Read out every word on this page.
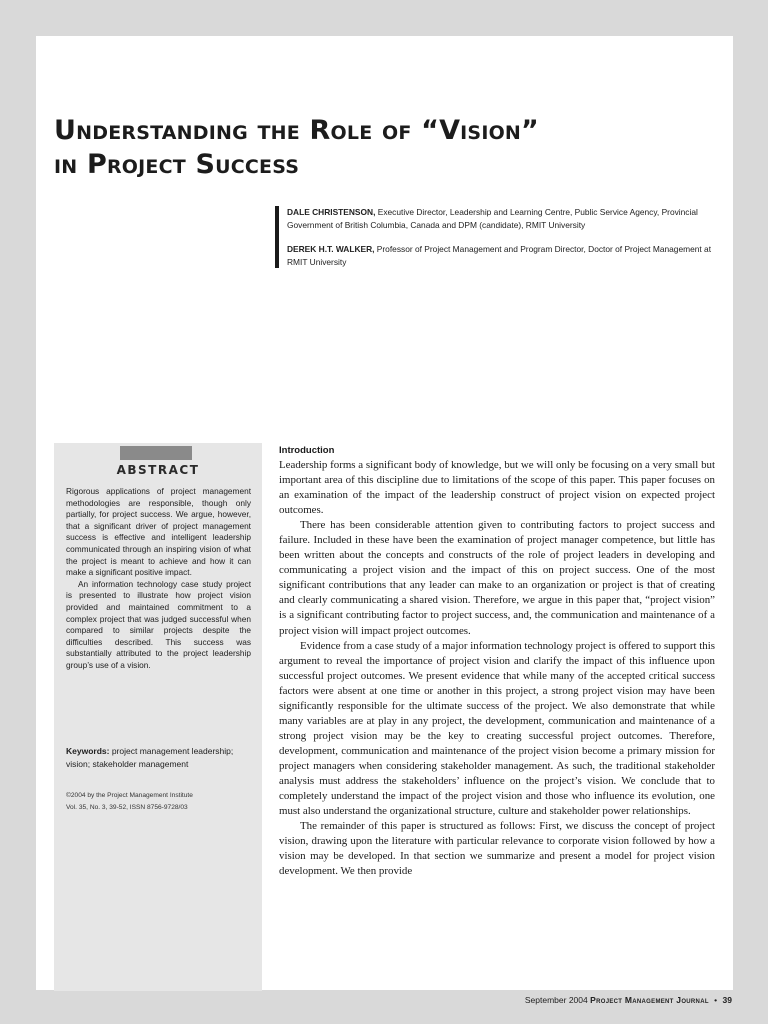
Understanding the Role of “Vision”
in Project Success

DALE CHRISTENSON, Executive Director, Leadership and Learning Centre, Public Service Agency, Provincial Government of British Columbia, Canada and DPM (candidate), RMIT University

DEREK H.T. WALKER, Professor of Project Management and Program Director, Doctor of Project Management at RMIT University

ABSTRACT

Rigorous applications of project management methodologies are responsible, though only partially, for project success. We argue, however, that a significant driver of project management success is effective and intelligent leadership communicated through an inspiring vision of what the project is meant to achieve and how it can make a significant positive impact.

An information technology case study project is presented to illustrate how project vision provided and maintained commitment to a complex project that was judged successful when compared to similar projects despite the difficulties described. This success was substantially attributed to the project leadership group’s use of a vision.

Keywords: project management leadership; vision; stakeholder management
©2004 by the Project Management Institute
Vol. 35, No. 3, 39-52, ISSN 8756-9728/03
Introduction

Leadership forms a significant body of knowledge, but we will only be focusing on a very small but important area of this discipline due to limitations of the scope of this paper. This paper focuses on an examination of the impact of the leadership construct of project vision on expected project outcomes.

There has been considerable attention given to contributing factors to project success and failure. Included in these have been the examination of project manager competence, but little has been written about the concepts and constructs of the role of project leaders in developing and communicating a project vision and the impact of this on project success. One of the most significant contributions that any leader can make to an organization or project is that of creating and clearly communicating a shared vision. Therefore, we argue in this paper that, “project vision” is a significant contributing factor to project success, and, the communication and maintenance of a project vision will impact project outcomes.

Evidence from a case study of a major information technology project is offered to support this argument to reveal the importance of project vision and clarify the impact of this influence upon successful project outcomes. We present evidence that while many of the accepted critical success factors were absent at one time or another in this project, a strong project vision may have been significantly responsible for the ultimate success of the project. We also demonstrate that while many variables are at play in any project, the development, communication and maintenance of a strong project vision may be the key to creating successful project outcomes. Therefore, development, communication and maintenance of the project vision become a primary mission for project managers when considering stakeholder management. As such, the traditional stakeholder analysis must address the stakeholders’ influence on the project’s vision. We conclude that to completely understand the impact of the project vision and those who influence its evolution, one must also understand the organizational structure, culture and stakeholder power relationships.

The remainder of this paper is structured as follows: First, we discuss the concept of project vision, drawing upon the literature with particular relevance to corporate vision followed by how a vision may be developed. In that section we summarize and present a model for project vision development. We then provide

September 2004 Project Management Journal • 39
